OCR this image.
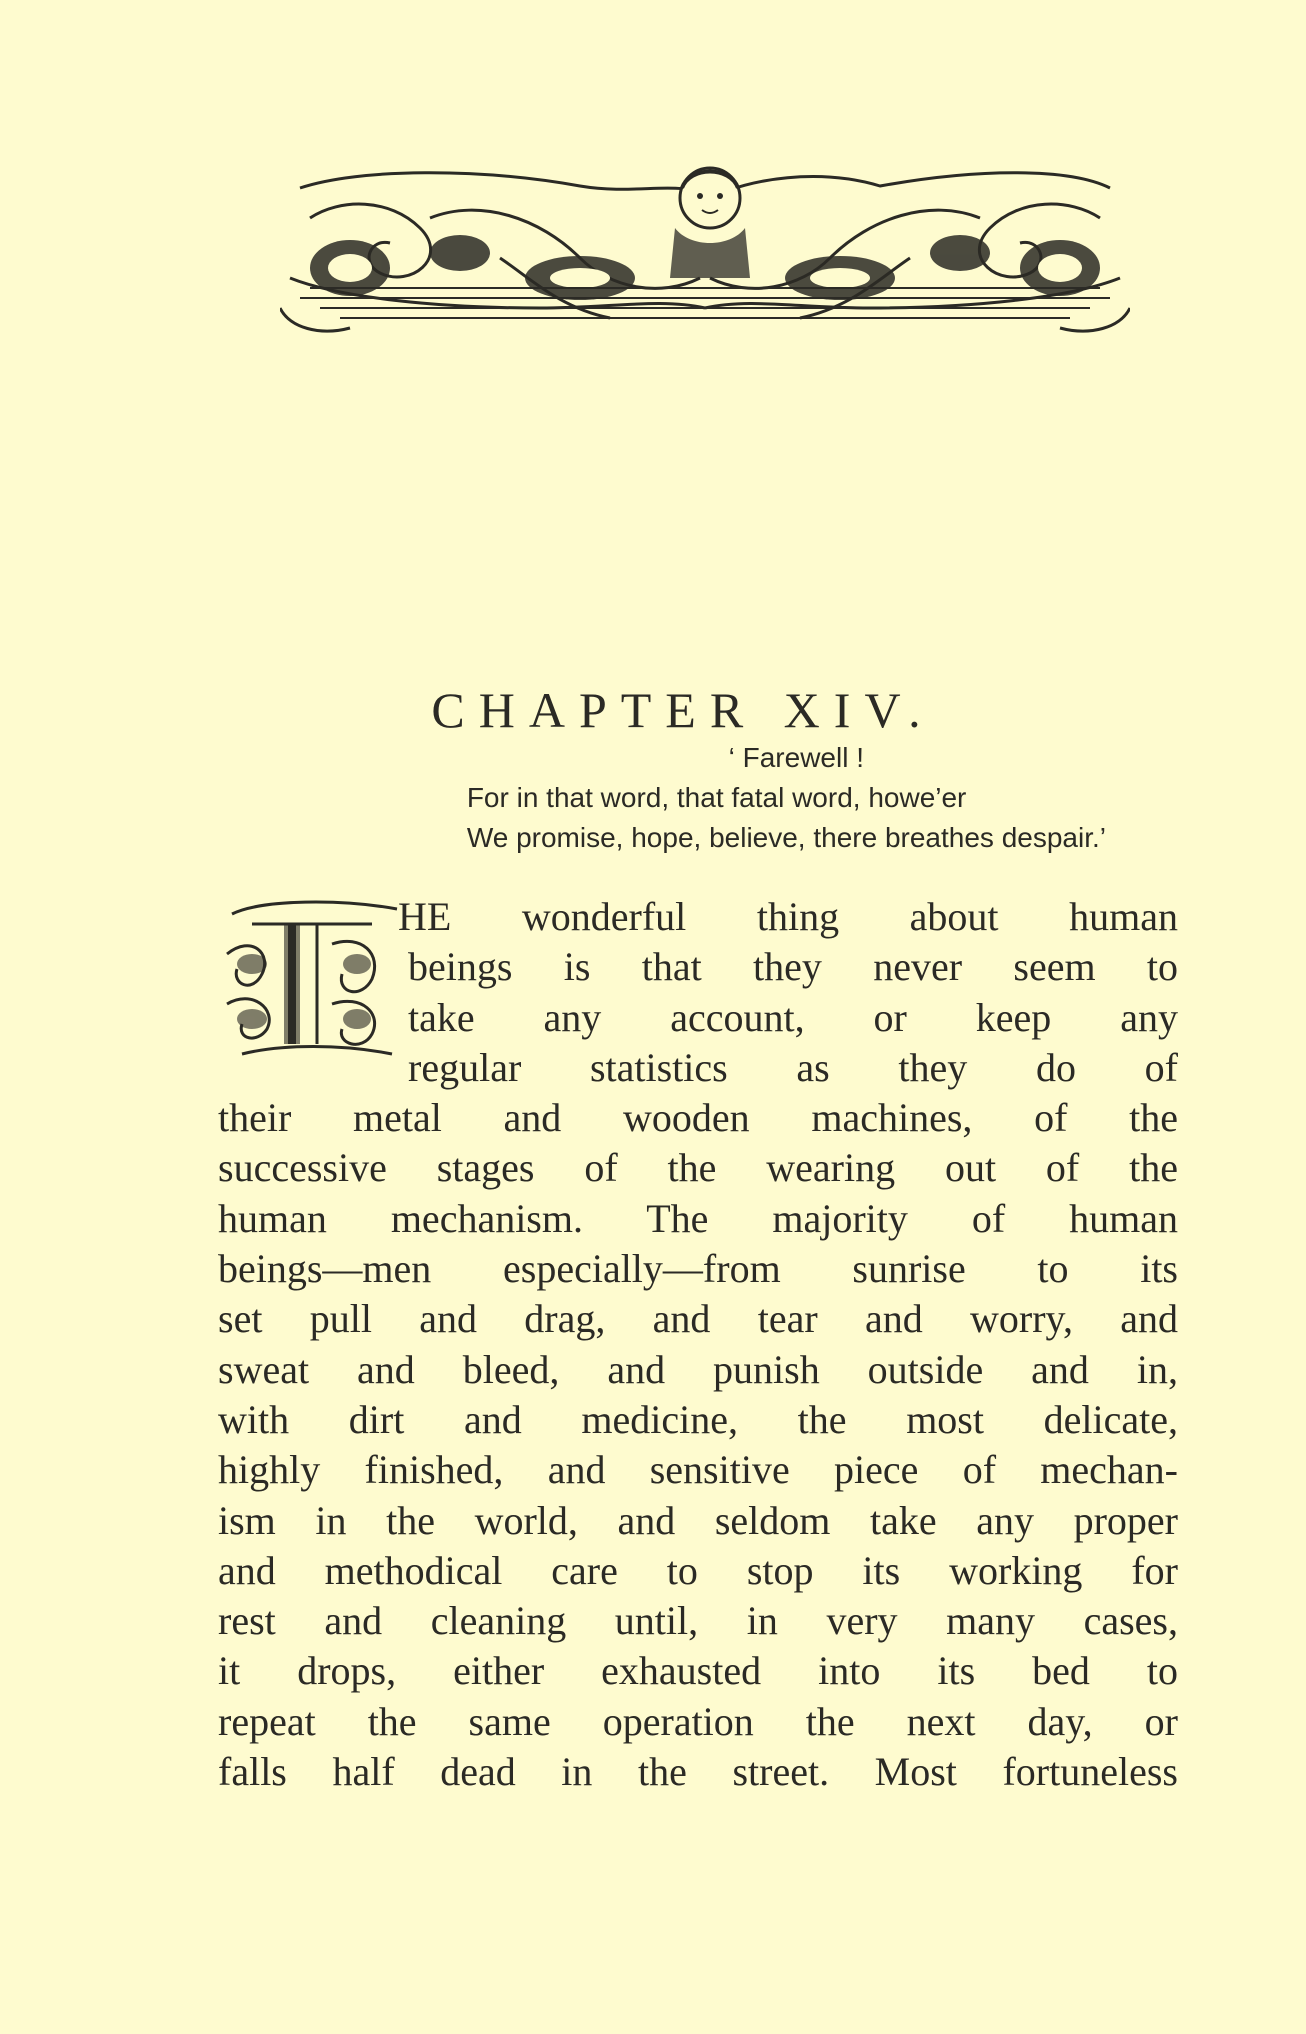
CHAPTER XIV.
‘ Farewell !
For in that word, that fatal word, howe’er
We promise, hope, believe, there breathes despair.’
HE wonderful thing about human
beings is that they never seem to
take any account, or keep any
regular statistics as they do of
their metal and wooden machines, of the
successive stages of the wearing out of the
human mechanism. The majority of human
beings—men especially—from sunrise to its
set pull and drag, and tear and worry, and
sweat and bleed, and punish outside and in,
with dirt and medicine, the most delicate,
highly finished, and sensitive piece of mechan-
ism in the world, and seldom take any proper
and methodical care to stop its working for
rest and cleaning until, in very many cases,
it drops, either exhausted into its bed to
repeat the same operation the next day, or
falls half dead in the street. Most fortuneless
